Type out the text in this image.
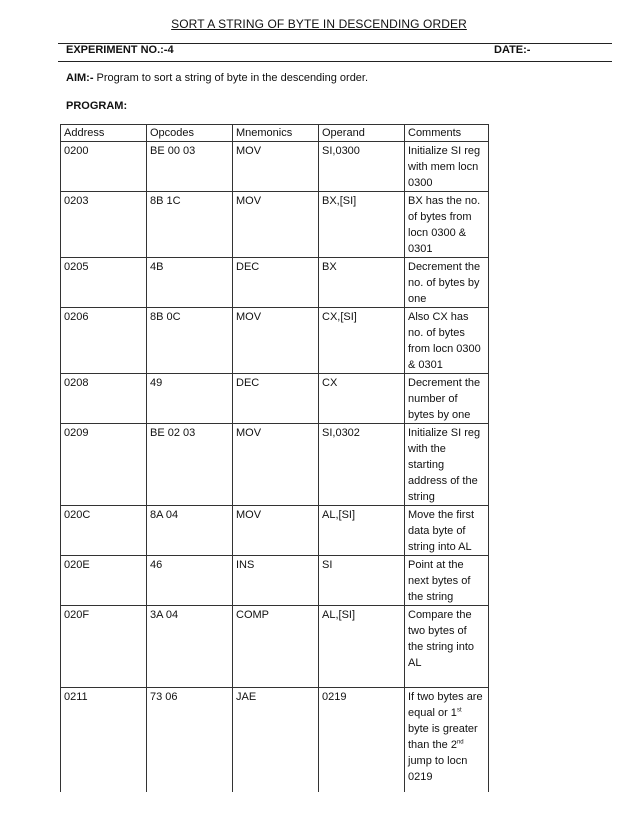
SORT A STRING OF BYTE IN DESCENDING ORDER
EXPERIMENT NO.:-4	DATE:-
AIM:- Program to sort a string of byte in the descending order.
PROGRAM:
Address	Opcodes	Mnemonics	Operand	Comments
0200	BE 00 03	MOV	SI,0300	Initialize SI reg with mem locn 0300
0203	8B 1C	MOV	BX,[SI]	BX has the no. of bytes from locn 0300 & 0301
0205	4B	DEC	BX	Decrement the no. of bytes by one
0206	8B 0C	MOV	CX,[SI]	Also CX has no. of bytes from locn 0300 & 0301
0208	49	DEC	CX	Decrement the number of bytes by one
0209	BE 02 03	MOV	SI,0302	Initialize SI reg with the starting address of the string
020C	8A 04	MOV	AL,[SI]	Move the first data byte of string into AL
020E	46	INS	SI	Point at the next bytes of the string
020F	3A 04	COMP	AL,[SI]	Compare the two bytes of the string into AL
0211	73 06	JAE	0219	If two bytes are equal or 1st byte is greater than the 2nd jump to locn 0219
